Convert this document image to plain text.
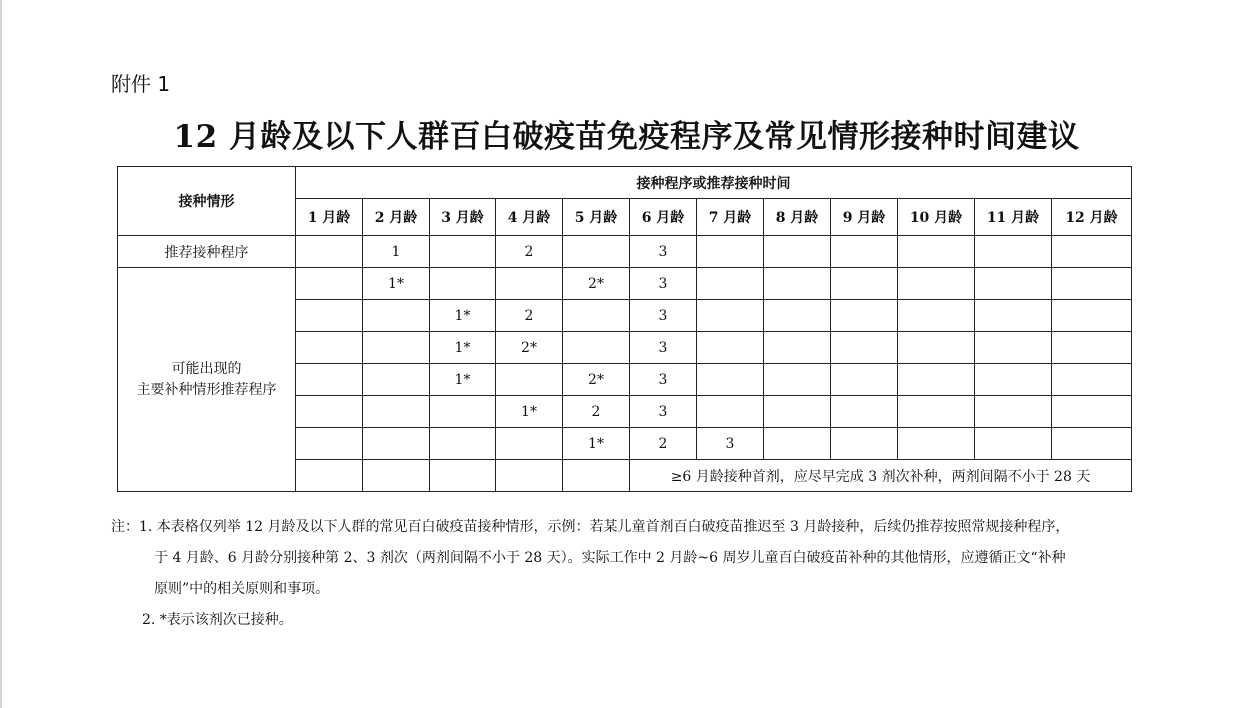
附件 1
12 月龄及以下人群百白破疫苗免疫程序及常见情形接种时间建议
接种情形	接种程序或推荐接种时间											
	1 月龄	2 月龄	3 月龄	4 月龄	5 月龄	6 月龄	7 月龄	8 月龄	9 月龄	10 月龄	11 月龄	12 月龄
推荐接种程序		1		2		3						

可能出现的
主要补种情形推荐程序		1*			2*	3						
			1*	2		3						
			1*	2*		3						
			1*		2*	3						
				1*	2	3						
					1*	2	3					
						≥6 月龄接种首剂，应尽早完成 3 剂次补种，两剂间隔不小于 28 天						
注：1. 本表格仅列举 12 月龄及以下人群的常见百白破疫苗接种情形，示例：若某儿童首剂百白破疫苗推迟至 3 月龄接种，后续仍推荐按照常规接种程序，
于 4 月龄、6 月龄分别接种第 2、3 剂次（两剂间隔不小于 28 天）。实际工作中 2 月龄~6 周岁儿童百白破疫苗补种的其他情形，应遵循正文“补种
原则”中的相关原则和事项。
2. *表示该剂次已接种。
